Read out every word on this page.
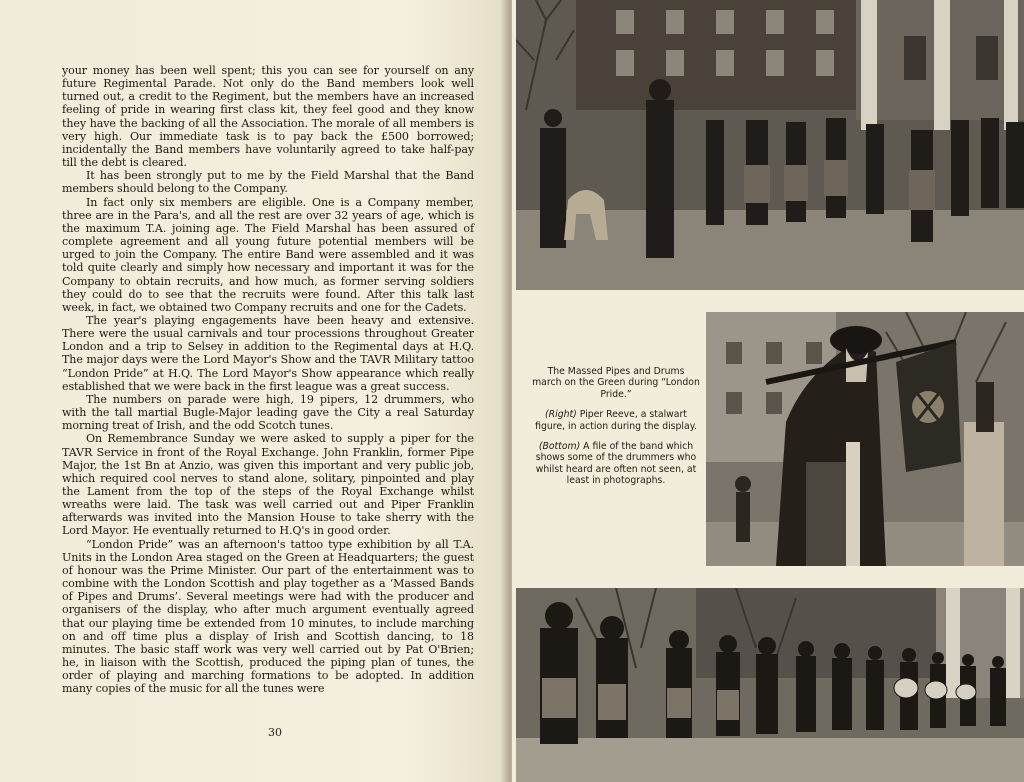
your money has been well spent; this you can see for yourself on any future Regimental Parade. Not only do the Band members look well turned out, a credit to the Regiment, but the members have an increased feeling of pride in wearing first class kit, they feel good and they know they have the backing of all the Association. The morale of all members is very high. Our immediate task is to pay back the £500 borrowed; incidentally the Band members have voluntarily agreed to take half-pay till the debt is cleared.

It has been strongly put to me by the Field Marshal that the Band members should belong to the Company.

In fact only six members are eligible. One is a Company member, three are in the Para's, and all the rest are over 32 years of age, which is the maximum T.A. joining age. The Field Marshal has been assured of complete agreement and all young future potential members will be urged to join the Company. The entire Band were assembled and it was told quite clearly and simply how necessary and important it was for the Company to obtain recruits, and how much, as former serving soldiers they could do to see that the recruits were found. After this talk last week, in fact, we obtained two Company recruits and one for the Cadets.

The year's playing engagements have been heavy and extensive. There were the usual carnivals and tour processions throughout Greater London and a trip to Selsey in addition to the Regimental days at H.Q. The major days were the Lord Mayor's Show and the TAVR Military tattoo “London Pride” at H.Q. The Lord Mayor's Show appearance which really established that we were back in the first league was a great success.

The numbers on parade were high, 19 pipers, 12 drummers, who with the tall martial Bugle-Major leading gave the City a real Saturday morning treat of Irish, and the odd Scotch tunes.

On Remembrance Sunday we were asked to supply a piper for the TAVR Service in front of the Royal Exchange. John Franklin, former Pipe Major, the 1st Bn at Anzio, was given this important and very public job, which required cool nerves to stand alone, solitary, pinpointed and play the Lament from the top of the steps of the Royal Exchange whilst wreaths were laid. The task was well carried out and Piper Franklin afterwards was invited into the Mansion House to take sherry with the Lord Mayor. He eventually returned to H.Q's in good order.

“London Pride” was an afternoon's tattoo type exhibition by all T.A. Units in the London Area staged on the Green at Headquarters; the guest of honour was the Prime Minister. Our part of the entertainment was to combine with the London Scottish and play together as a ‘Massed Bands of Pipes and Drums’. Several meetings were had with the producer and organisers of the display, who after much argument eventually agreed that our playing time be extended from 10 minutes, to include marching on and off time plus a display of Irish and Scottish dancing, to 18 minutes. The basic staff work was very well carried out by Pat O'Brien; he, in liaison with the Scottish, produced the piping plan of tunes, the order of playing and marching formations to be adopted. In addition many copies of the music for all the tunes were

30

The Massed Pipes and Drums march on the Green during “London Pride.”

(Right) Piper Reeve, a stalwart figure, in action during the display.

(Bottom) A file of the band which shows some of the drummers who whilst heard are often not seen, at least in photographs.
